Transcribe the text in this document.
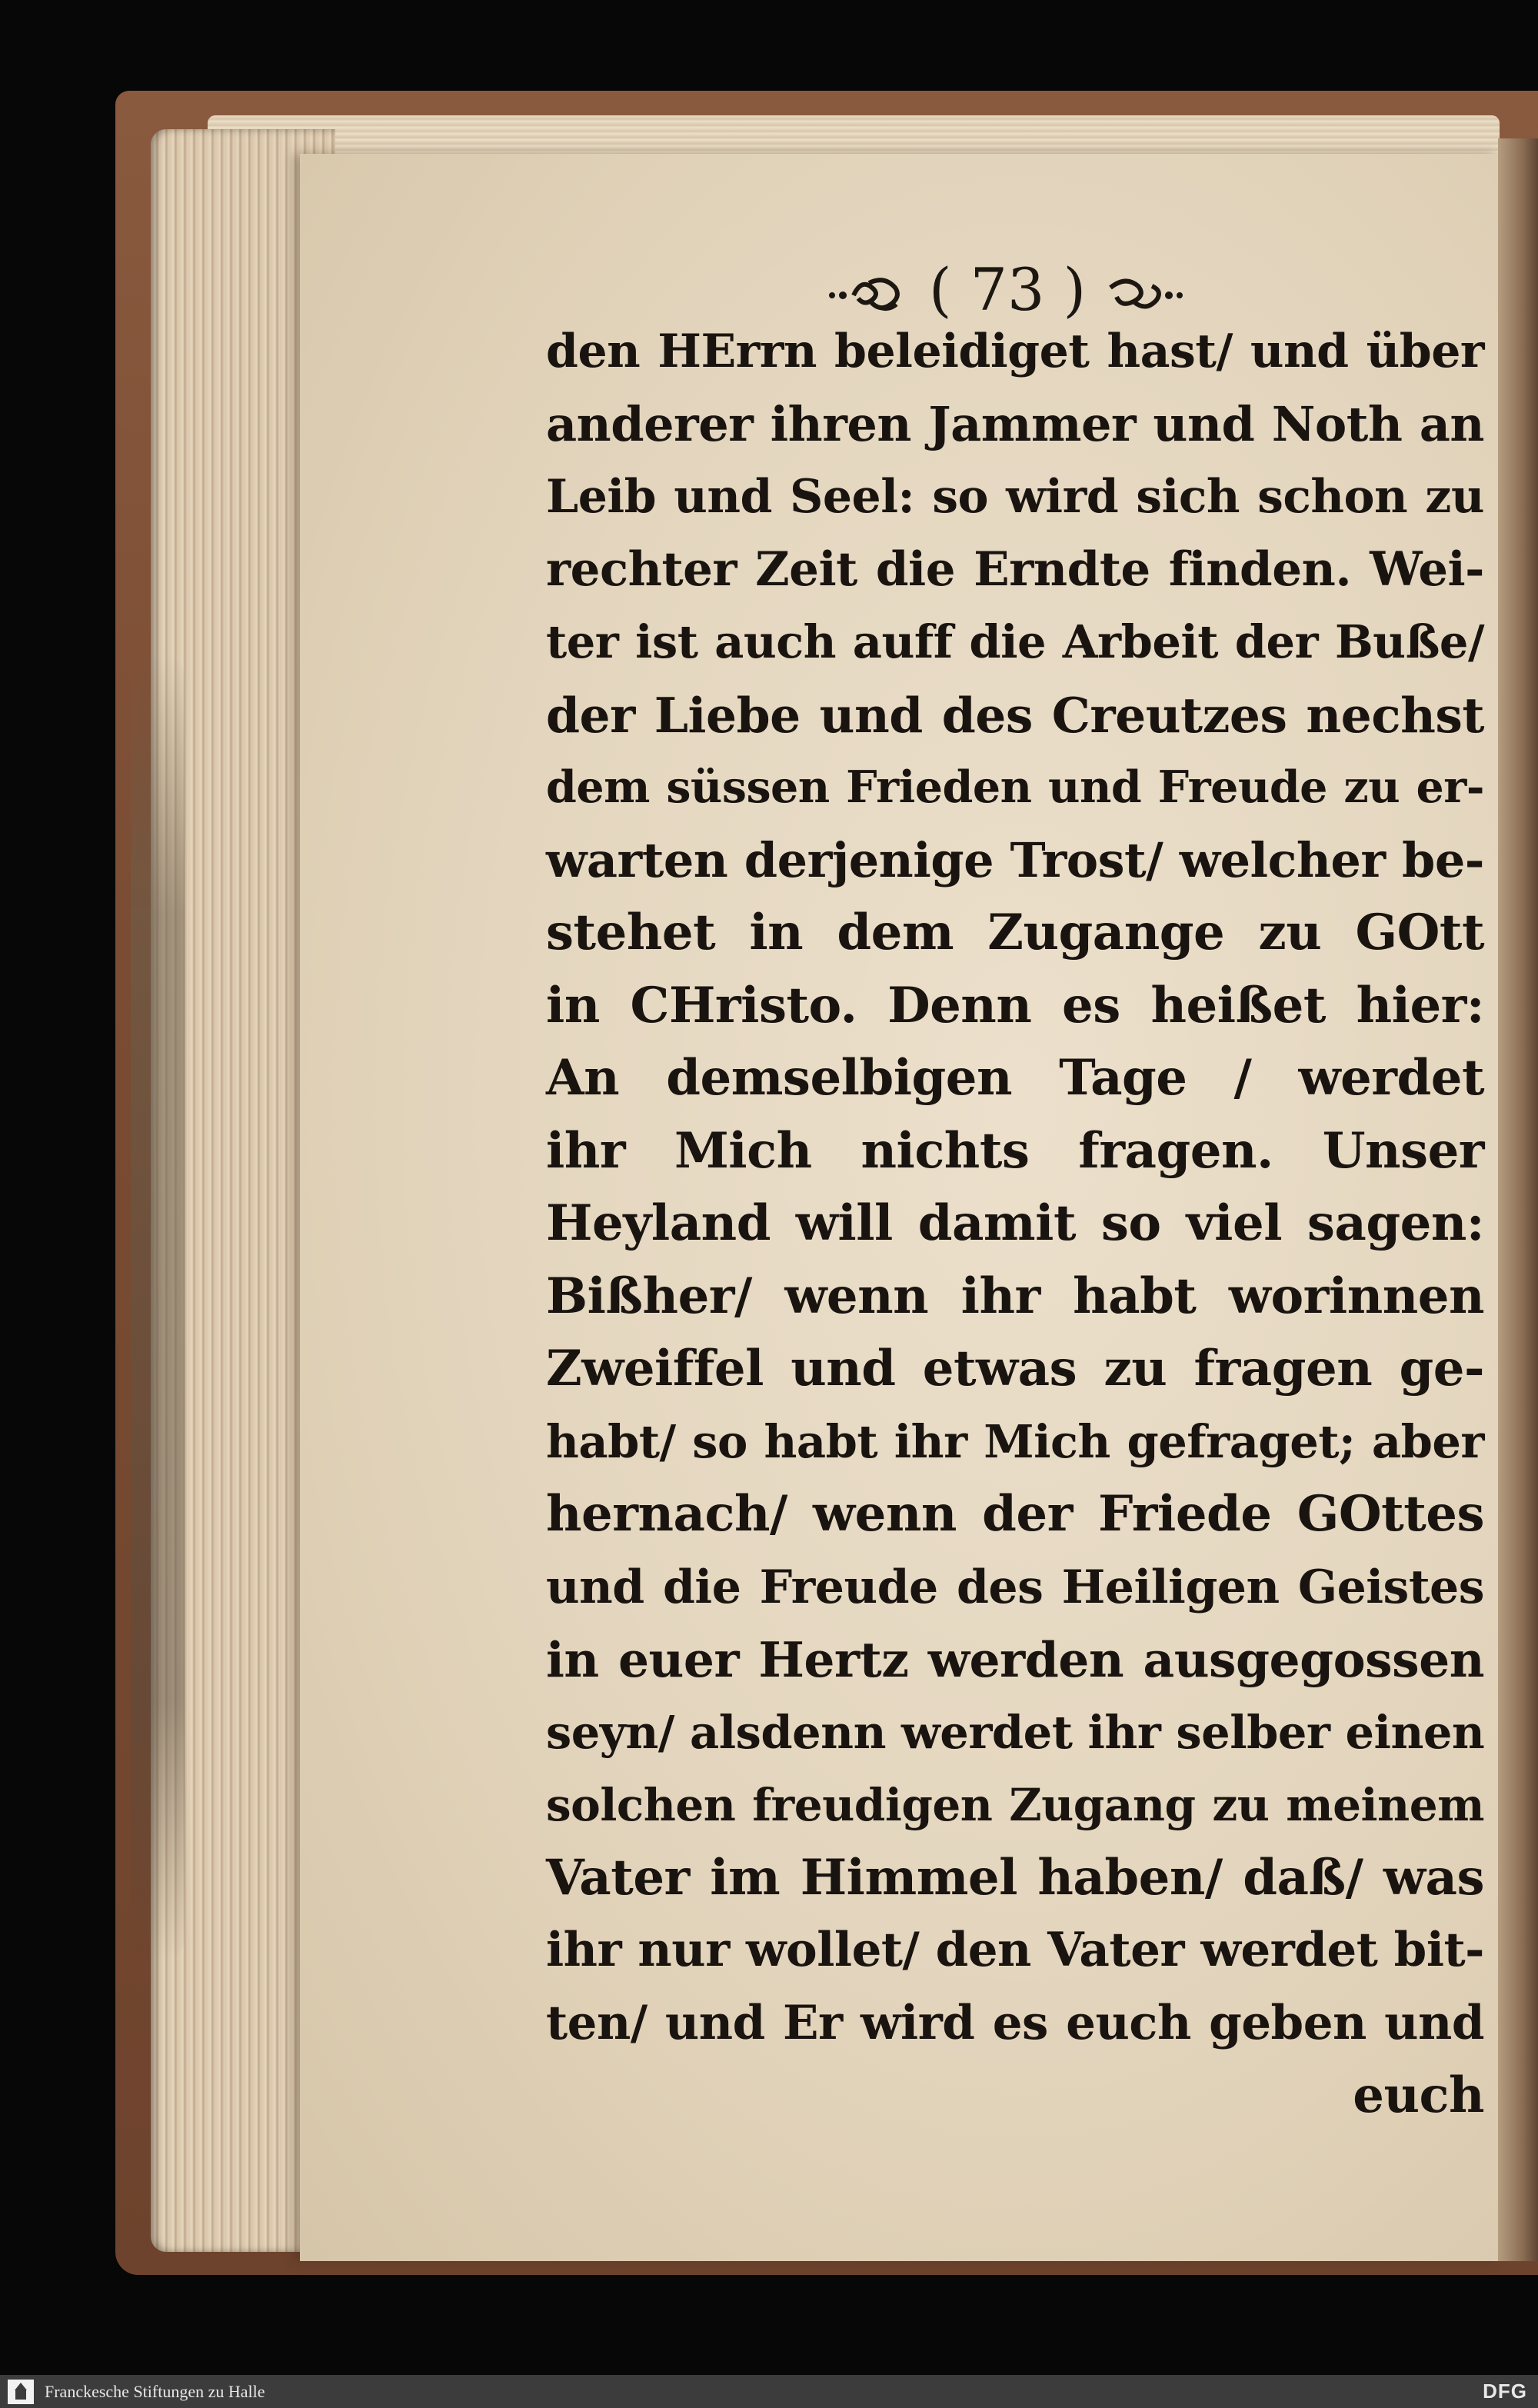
( 73 )
den HErrn beleidiget hast/ und über
anderer ihren Jammer und Noth an
Leib und Seel: so wird sich schon zu
rechter Zeit die Erndte finden. Wei-
ter ist auch auff die Arbeit der Buße/
der Liebe und des Creutzes nechst
dem süssen Frieden und Freude zu er-
warten derjenige Trost/ welcher be-
stehet in dem Zugange zu GOtt
in CHristo. Denn es heißet hier:
An demselbigen Tage / werdet
ihr Mich nichts fragen. Unser
Heyland will damit so viel sagen:
Bißher/ wenn ihr habt worinnen
Zweiffel und etwas zu fragen ge-
habt/ so habt ihr Mich gefraget; aber
hernach/ wenn der Friede GOttes
und die Freude des Heiligen Geistes
in euer Hertz werden ausgegossen
seyn/ alsdenn werdet ihr selber einen
solchen freudigen Zugang zu meinem
Vater im Himmel haben/ daß/ was
ihr nur wollet/ den Vater werdet bit-
ten/ und Er wird es euch geben und
euch
Franckesche Stiftungen zu Halle	DFG
